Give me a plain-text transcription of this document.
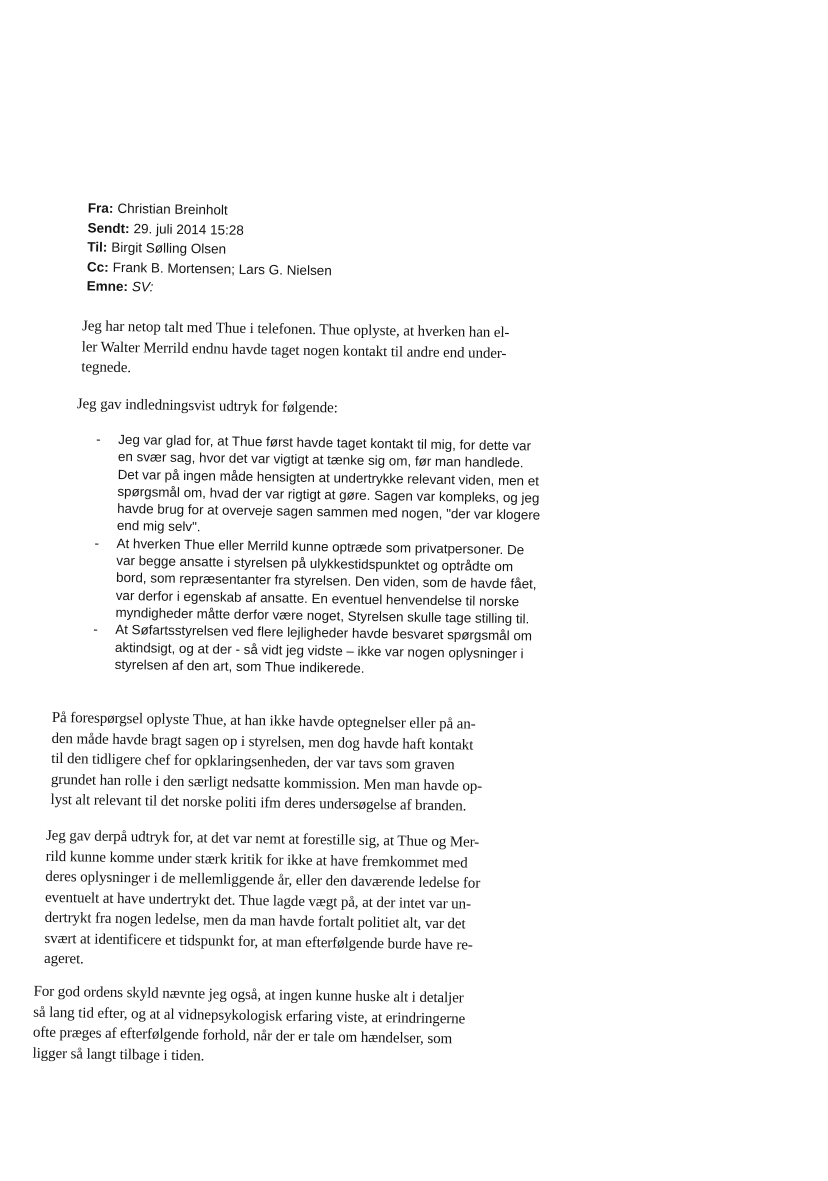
Fra: Christian Breinholt
Sendt: 29. juli 2014 15:28
Til: Birgit Sølling Olsen
Cc: Frank B. Mortensen; Lars G. Nielsen
Emne: SV:

Jeg har netop talt med Thue i telefonen. Thue oplyste, at hverken han el-
ler Walter Merrild endnu havde taget nogen kontakt til andre end under-
tegnede.

Jeg gav indledningsvist udtryk for følgende:

- Jeg var glad for, at Thue først havde taget kontakt til mig, for dette var
en svær sag, hvor det var vigtigt at tænke sig om, før man handlede.
Det var på ingen måde hensigten at undertrykke relevant viden, men et
spørgsmål om, hvad der var rigtigt at gøre. Sagen var kompleks, og jeg
havde brug for at overveje sagen sammen med nogen, "der var klogere
end mig selv".
- At hverken Thue eller Merrild kunne optræde som privatpersoner. De
var begge ansatte i styrelsen på ulykkestidspunktet og optrådte om
bord, som repræsentanter fra styrelsen. Den viden, som de havde fået,
var derfor i egenskab af ansatte. En eventuel henvendelse til norske
myndigheder måtte derfor være noget, Styrelsen skulle tage stilling til.
- At Søfartsstyrelsen ved flere lejligheder havde besvaret spørgsmål om
aktindsigt, og at der - så vidt jeg vidste – ikke var nogen oplysninger i
styrelsen af den art, som Thue indikerede.

På forespørgsel oplyste Thue, at han ikke havde optegnelser eller på an-
den måde havde bragt sagen op i styrelsen, men dog havde haft kontakt
til den tidligere chef for opklaringsenheden, der var tavs som graven
grundet han rolle i den særligt nedsatte kommission. Men man havde op-
lyst alt relevant til det norske politi ifm deres undersøgelse af branden.

Jeg gav derpå udtryk for, at det var nemt at forestille sig, at Thue og Mer-
rild kunne komme under stærk kritik for ikke at have fremkommet med
deres oplysninger i de mellemliggende år, eller den daværende ledelse for
eventuelt at have undertrykt det. Thue lagde vægt på, at der intet var un-
dertrykt fra nogen ledelse, men da man havde fortalt politiet alt, var det
svært at identificere et tidspunkt for, at man efterfølgende burde have re-
ageret.

For god ordens skyld nævnte jeg også, at ingen kunne huske alt i detaljer
så lang tid efter, og at al vidnepsykologisk erfaring viste, at erindringerne
ofte præges af efterfølgende forhold, når der er tale om hændelser, som
ligger så langt tilbage i tiden.
